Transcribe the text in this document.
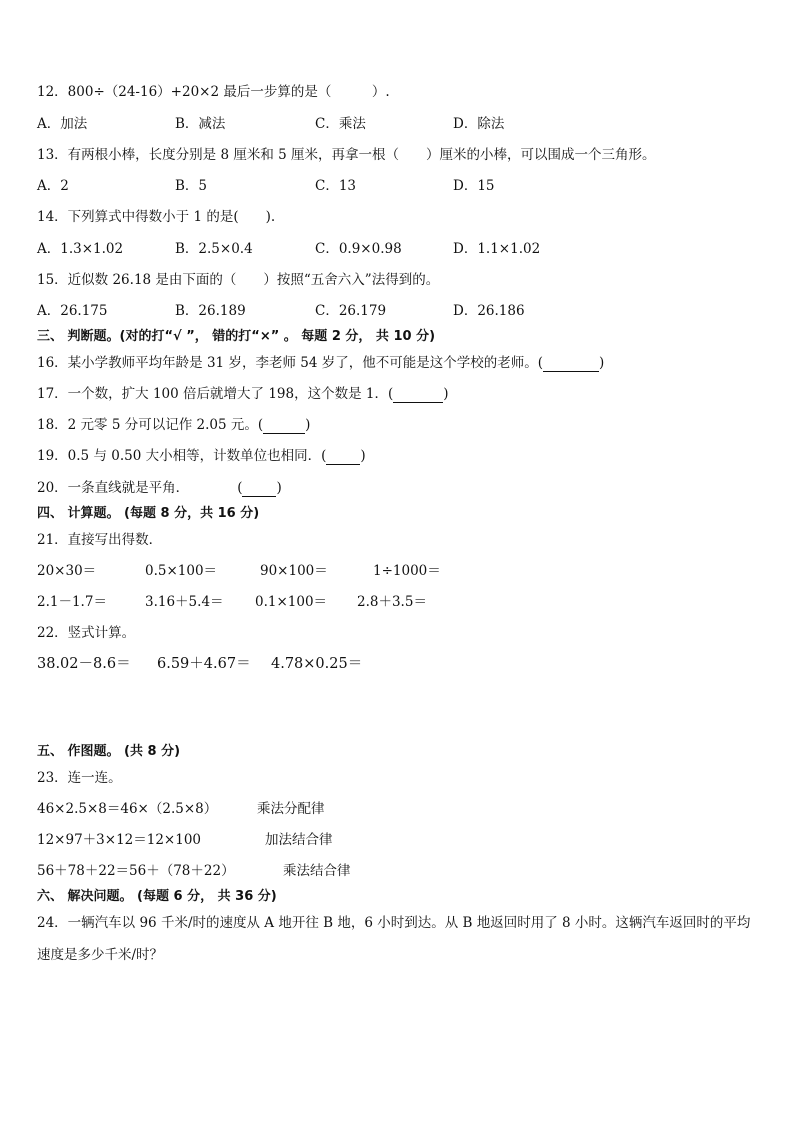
12．800÷（24-16）+20×2 最后一步算的是（　　　）.
A．加法	B．减法	C．乘法	D．除法
13．有两根小棒，长度分别是 8 厘米和 5 厘米，再拿一根（　　）厘米的小棒，可以围成一个三角形。
A．2	B．5	C．13	D．15
14．下列算式中得数小于 1 的是(　　).
A．1.3×1.02	B．2.5×0.4	C．0.9×0.98	D．1.1×1.02
15．近似数 26.18 是由下面的（　　）按照“五舍六入”法得到的。
A．26.175	B．26.189	C．26.179	D．26.186
三、 判断题。(对的打“√ ”， 错的打“×” 。 每题 2 分， 共 10 分)
16．某小学教师平均年龄是 31 岁，李老师 54 岁了，他不可能是这个学校的老师。(	)
17．一个数，扩大 100 倍后就增大了 198，这个数是 1．(	)
18．2 元零 5 分可以记作 2.05 元。(	)
19．0.5 与 0.50 大小相等，计数单位也相同．(	)
20．一条直线就是平角．	(	)
四、 计算题。 (每题 8 分，共 16 分)
21．直接写出得数．
20×30＝	0.5×100＝	90×100＝	1÷1000＝
2.1－1.7＝	3.16＋5.4＝ 0.1×100＝ 2.8＋3.5＝
22．竖式计算。
38.02－8.6＝ 6.59＋4.67＝ 4.78×0.25＝
五、 作图题。 (共 8 分)
23．连一连。
46×2.5×8＝46×（2.5×8）	乘法分配律
12×97＋3×12＝12×100	加法结合律
56＋78＋22＝56＋（78＋22）	乘法结合律
六、 解决问题。 (每题 6 分， 共 36 分)
24．一辆汽车以 96 千米/时的速度从 A 地开往 B 地，6 小时到达。从 B 地返回时用了 8 小时。这辆汽车返回时的平均
速度是多少千米/时？
